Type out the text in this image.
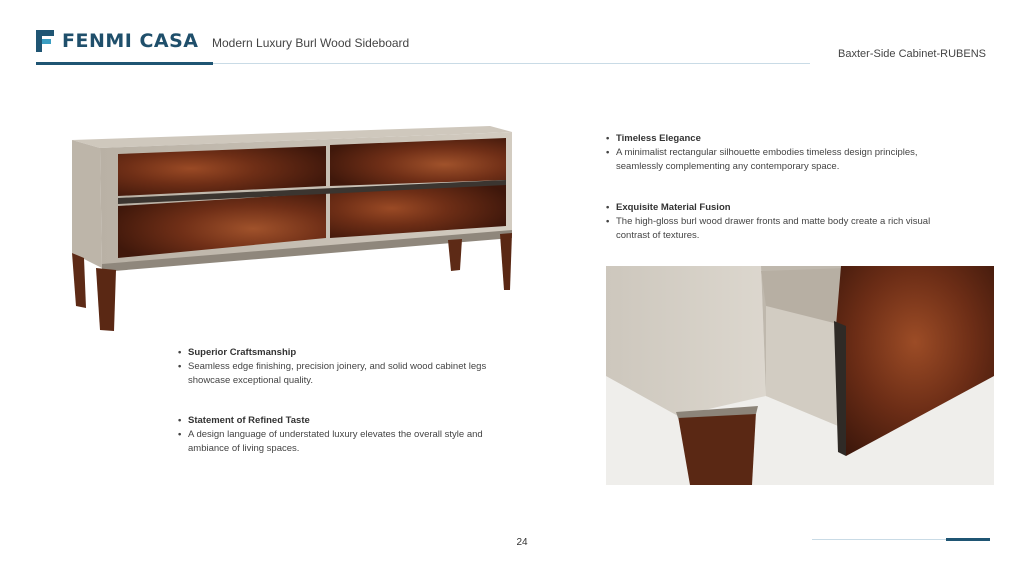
FENMI CASA Modern Luxury Burl Wood Sideboard
Baxter-Side Cabinet-RUBENS
• Timeless Elegance
• A minimalist rectangular silhouette embodies timeless design principles, seamlessly complementing any contemporary space.
• Exquisite Material Fusion
• The high-gloss burl wood drawer fronts and matte body create a rich visual contrast of textures.
• Superior Craftsmanship
• Seamless edge finishing, precision joinery, and solid wood cabinet legs showcase exceptional quality.
• Statement of Refined Taste
• A design language of understated luxury elevates the overall style and ambiance of living spaces.
24
